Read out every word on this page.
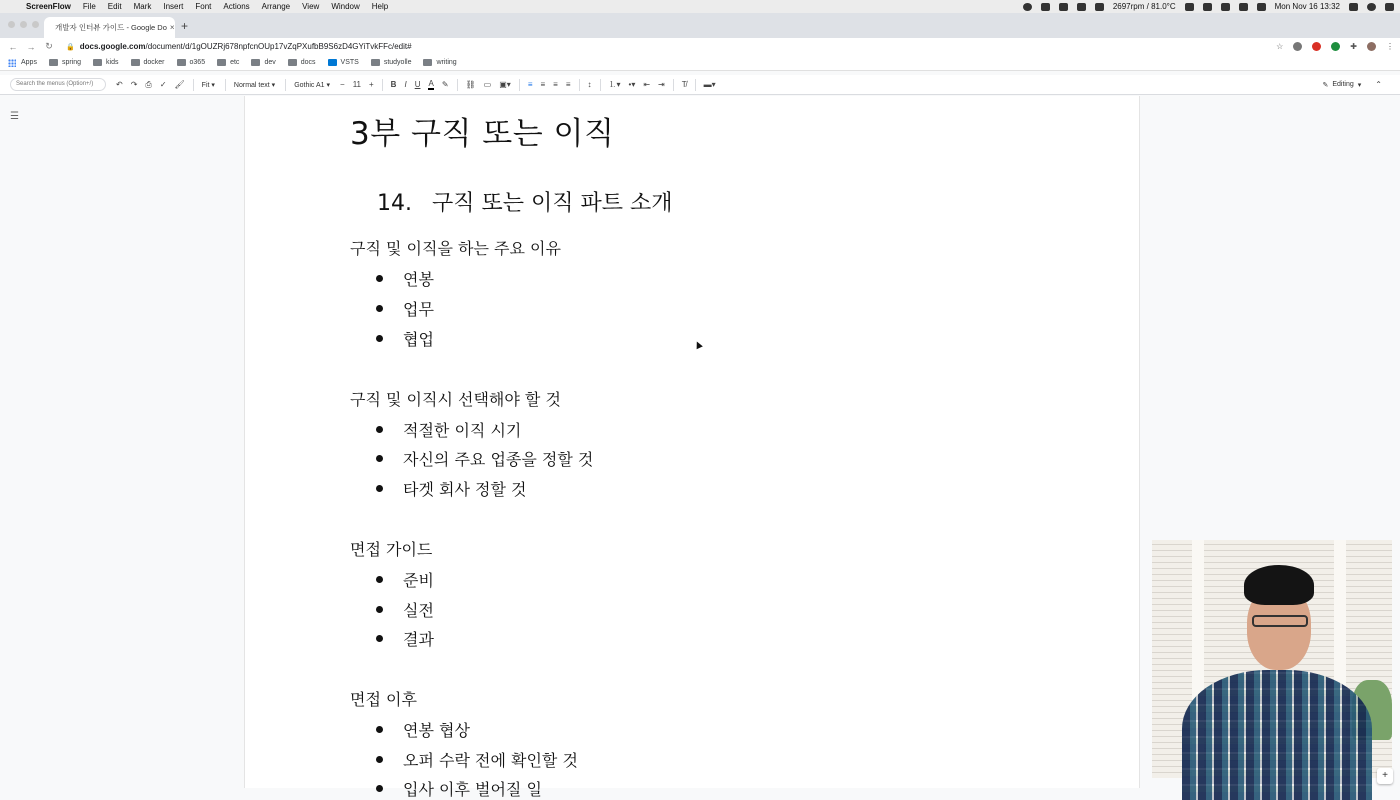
ScreenFlow File Edit Mark Insert Font Actions Arrange View Window Help	2697rpm / 81.0°C	Mon Nov 16 13:32
개발자 인터뷰 가이드 - Google Do × +
← →	↻	🔒 docs.google.com /document/d/1gOUZRj678npfcnOUp17vZqPXufbB9S6zD4GYiTvkFFc/edit#	☆	✚	⋮
Apps	spring	kids	docker	o365	etc	dev	docs	VSTS	studyolle	writing
Search the menus (Option+/)	↶ ↷ ⎙ ✓ 🖌 Fit ▾	Normal text ▾	Gothic A1 ▾ − 11 + B I U A ✎ ⛓ ▭ ▣▾ ≡ ≡ ≡ ≡ ↕ ⒈▾ •▾ ⇤ ⇥ T̸ ▬▾	✎ Editing ▾ ⌃
☰	3부 구직 또는 이직
14. 구직 또는 이직 파트 소개
구직 및 이직을 하는 주요 이유
연봉
업무
협업
구직 및 이직시 선택해야 할 것
적절한 이직 시기
자신의 주요 업종을 정할 것
타겟 회사 정할 것
면접 가이드
준비
실전
결과
면접 이후
연봉 협상
오퍼 수락 전에 확인할 것
입사 이후 벌어질 일
▲
+
